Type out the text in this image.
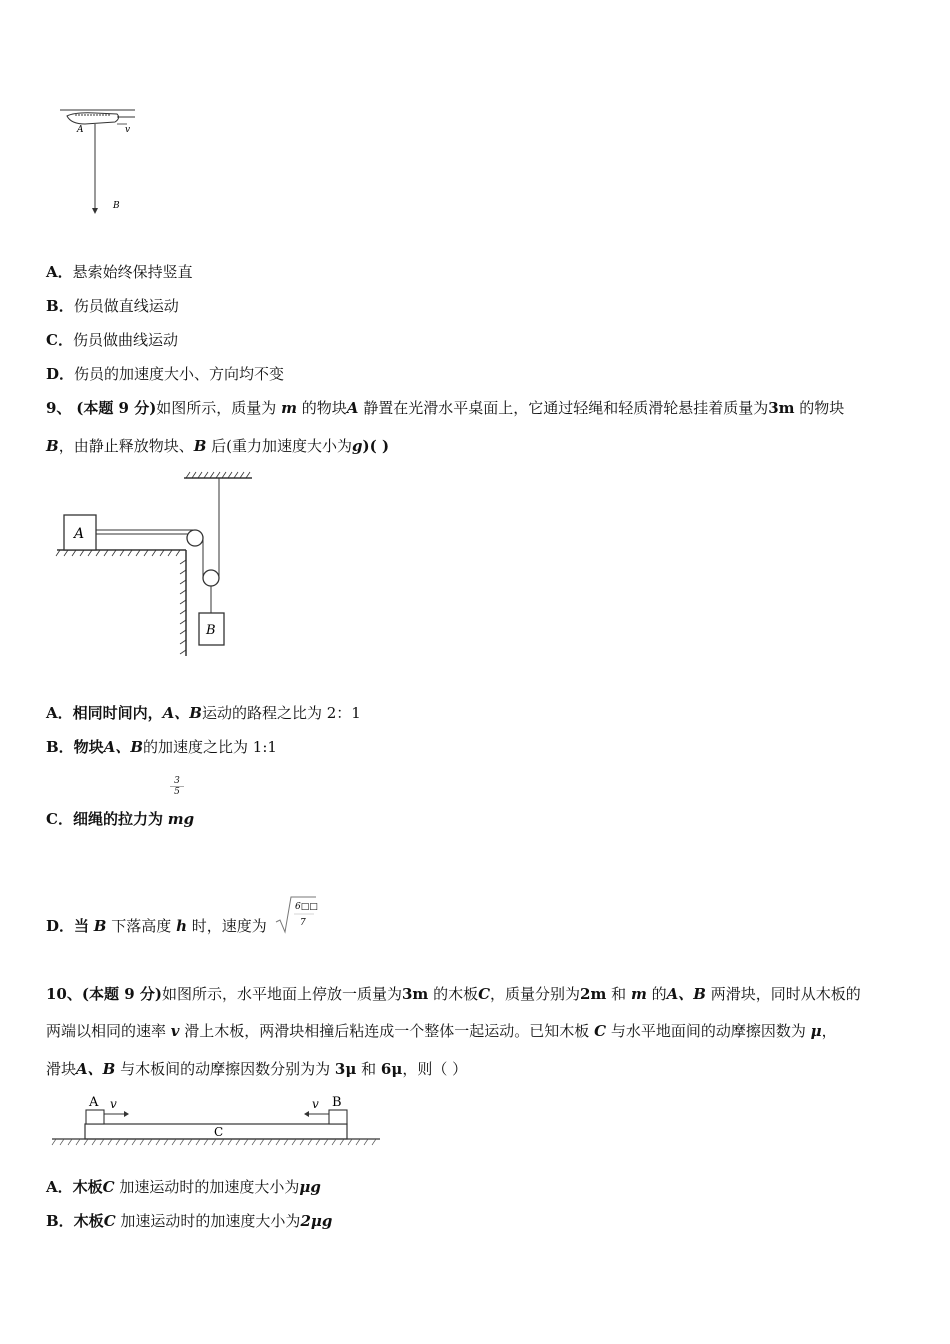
A	v
B
A．悬索始终保持竖直
B．伤员做直线运动
C．伤员做曲线运动
D．伤员的加速度大小、方向均不变
9、 (本题 9 分)如图所示，质量为 m 的物块A 静置在光滑水平桌面上，它通过轻绳和轻质滑轮悬挂着质量为3m 的物块
B，由静止释放物块、B 后(重力加速度大小为g)( )
A
B
A．相同时间内，A、B运动的路程之比为 2：1
B．物块A、B的加速度之比为 1:1
3
5
C．细绳的拉力为 mg
D．当 B 下落高度 h 时，速度为
6□□
7
10、(本题 9 分)如图所示，水平地面上停放一质量为3m 的木板C，质量分别为2m 和 m 的A、B 两滑块，同时从木板的
两端以相同的速率 v 滑上木板，两滑块相撞后粘连成一个整体一起运动。已知木板 C 与水平地面间的动摩擦因数为 μ，
滑块A、B 与木板间的动摩擦因数分别为为 3μ 和 6μ，则（ ）
A v	v B
C
A．木板C 加速运动时的加速度大小为μg
B．木板C 加速运动时的加速度大小为2μg
